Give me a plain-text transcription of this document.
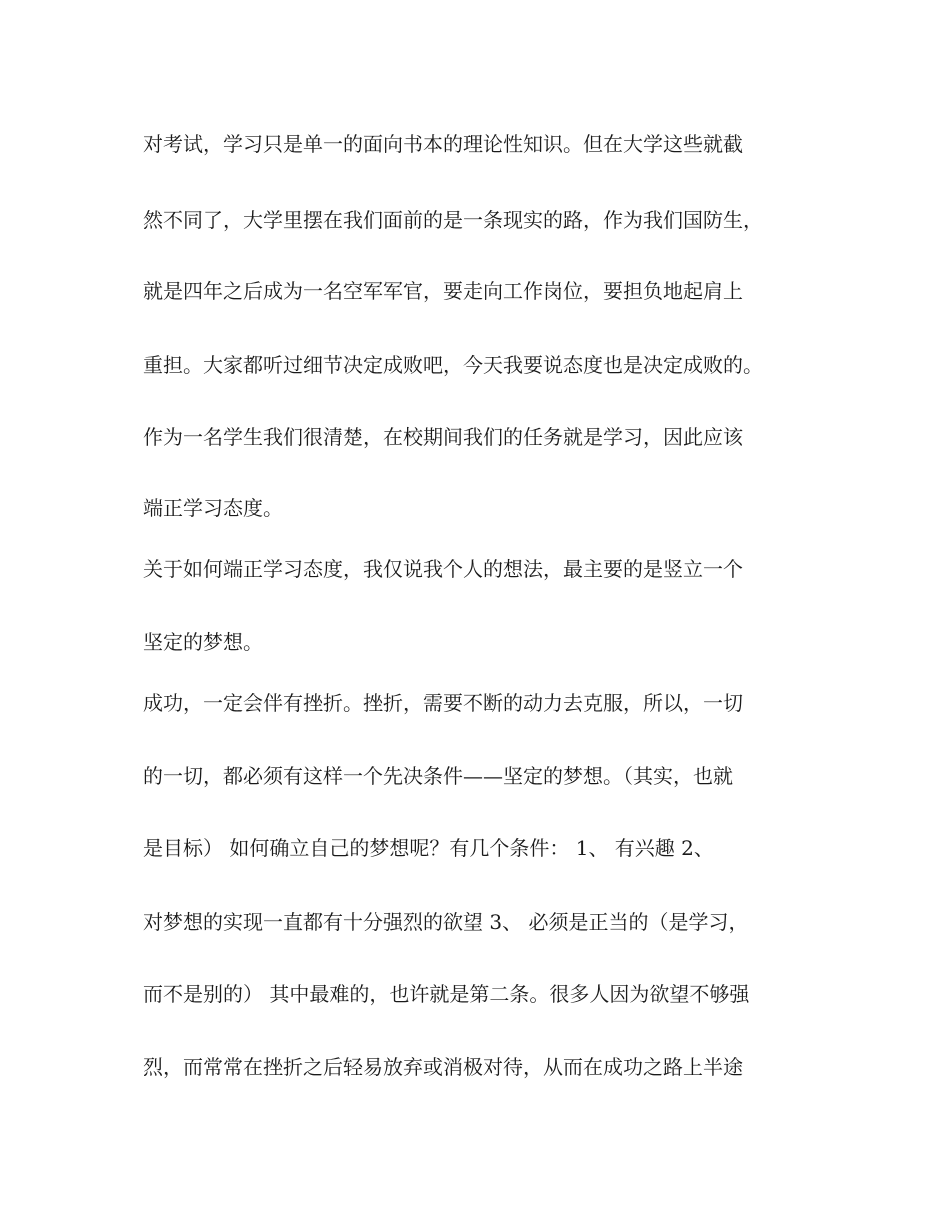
对考试，学习只是单一的面向书本的理论性知识。但在大学这些就截

然不同了，大学里摆在我们面前的是一条现实的路，作为我们国防生，

就是四年之后成为一名空军军官，要走向工作岗位，要担负地起肩上

重担。大家都听过细节决定成败吧，今天我要说态度也是决定成败的。

作为一名学生我们很清楚，在校期间我们的任务就是学习，因此应该

端正学习态度。

关于如何端正学习态度，我仅说我个人的想法，最主要的是竖立一个

坚定的梦想。

成功，一定会伴有挫折。挫折，需要不断的动力去克服，所以，一切

的一切，都必须有这样一个先决条件——坚定的梦想。（其实，也就

是目标） 如何确立自己的梦想呢？有几个条件： 1、 有兴趣 2、

对梦想的实现一直都有十分强烈的欲望 3、 必须是正当的（是学习，

而不是别的） 其中最难的，也许就是第二条。很多人因为欲望不够强

烈，而常常在挫折之后轻易放弃或消极对待，从而在成功之路上半途
